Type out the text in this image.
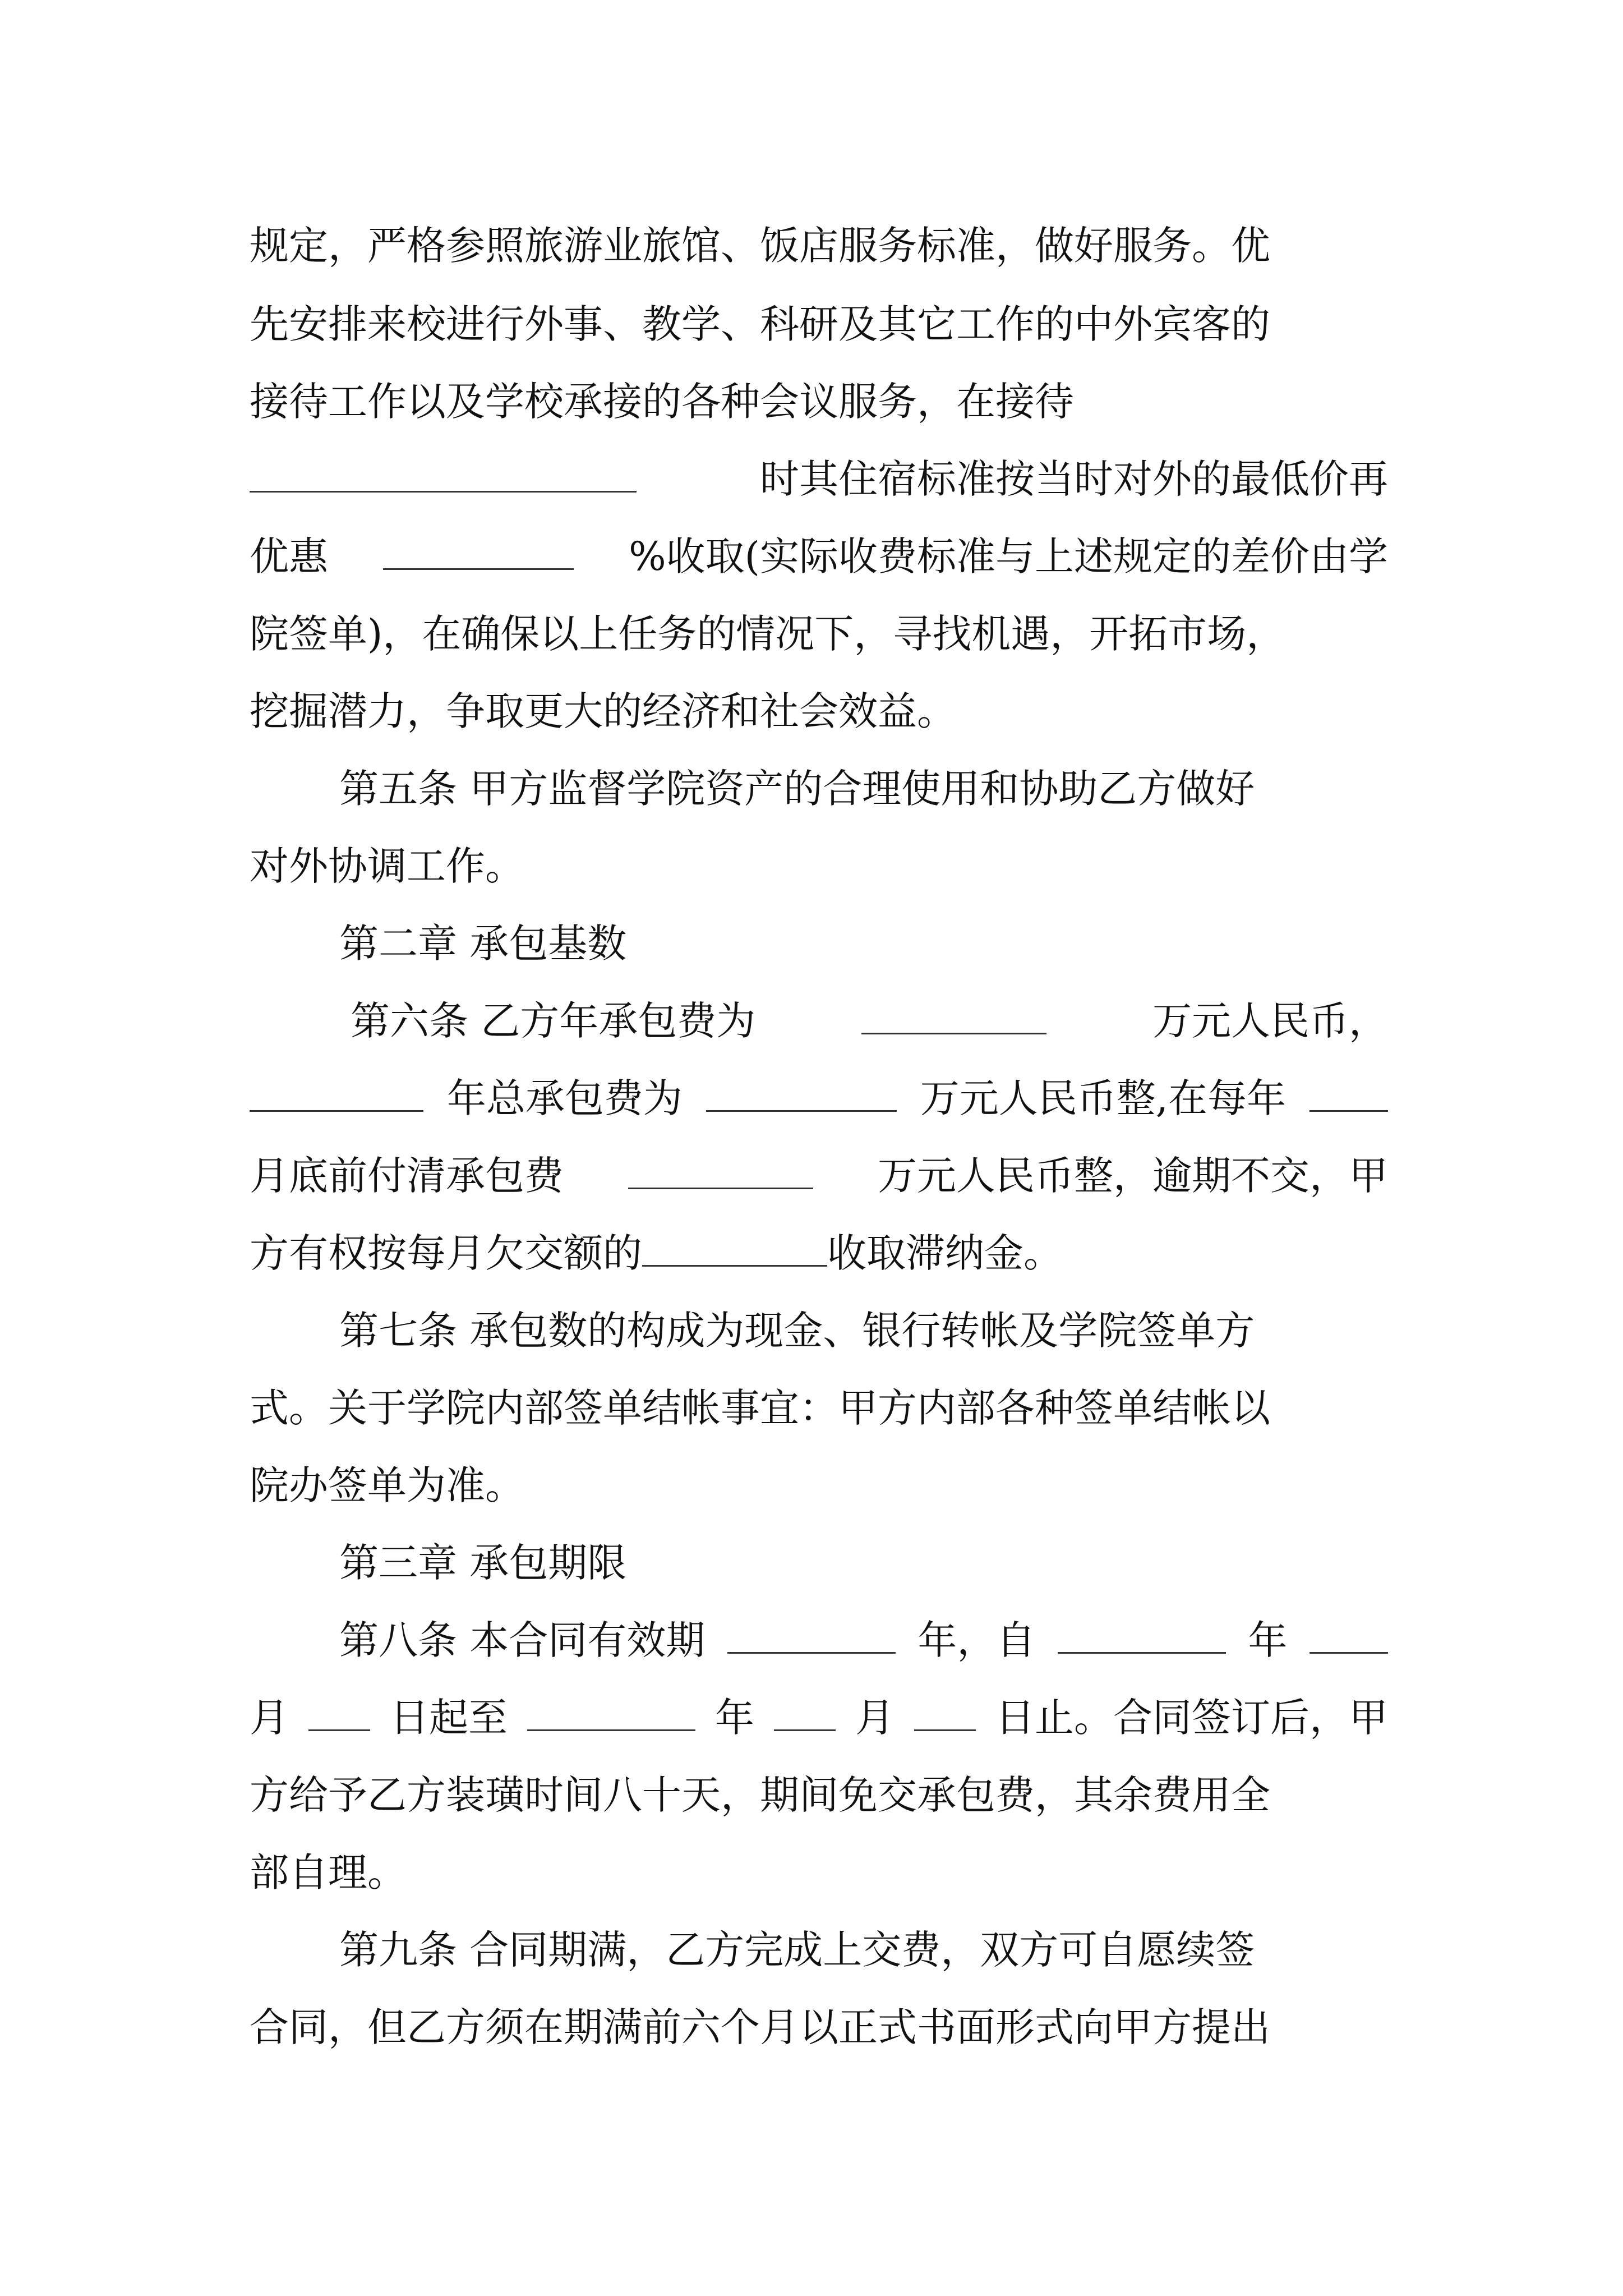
规定，严格参照旅游业旅馆、饭店服务标准，做好服务。优
先安排来校进行外事、教学、科研及其它工作的中外宾客的
接待工作以及学校承接的各种会议服务，在接待
时其住宿标准按当时对外的最低价再
优惠	%收取(实际收费标准与上述规定的差价由学
院签单)，在确保以上任务的情况下，寻找机遇，开拓市场，
挖掘潜力，争取更大的经济和社会效益。
第五条 甲方监督学院资产的合理使用和协助乙方做好
对外协调工作。
第二章 承包基数
第六条 乙方年承包费为	万元人民币，
年总承包费为	万元人民币整,在每年
月底前付清承包费	万元人民币整，逾期不交，甲
方有权按每月欠交额的	收取滞纳金。
第七条 承包数的构成为现金、银行转帐及学院签单方
式。关于学院内部签单结帐事宜：甲方内部各种签单结帐以
院办签单为准。
第三章 承包期限
第八条 本合同有效期	年，自	年
月	日起至	年	月	日止。合同签订后，甲
方给予乙方装璜时间八十天，期间免交承包费，其余费用全
部自理。
第九条 合同期满，乙方完成上交费，双方可自愿续签
合同，但乙方须在期满前六个月以正式书面形式向甲方提出
